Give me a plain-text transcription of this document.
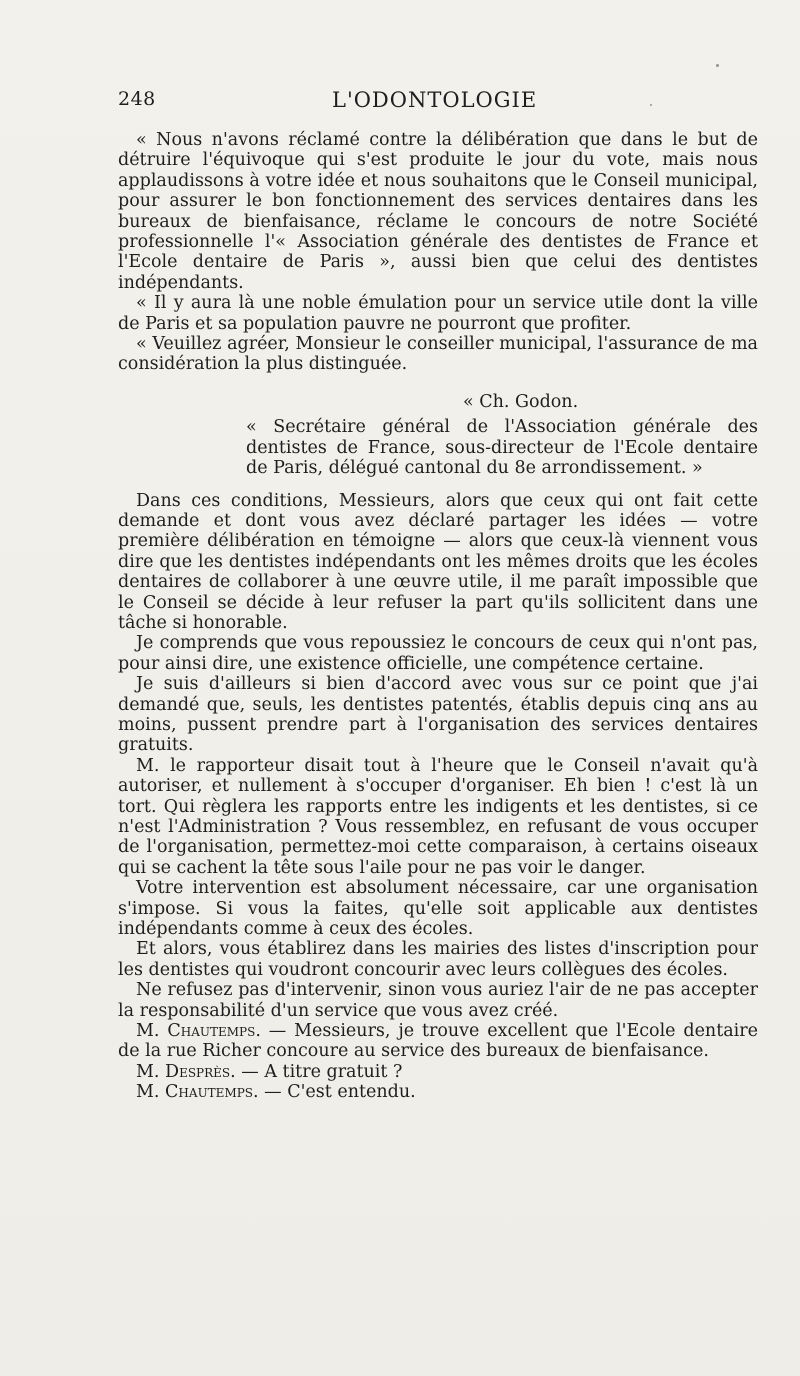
248	L'ODONTOLOGIE

« Nous n'avons réclamé contre la délibération que dans le but de détruire l'équivoque qui s'est produite le jour du vote, mais nous applaudissons à votre idée et nous souhaitons que le Conseil municipal, pour assurer le bon fonctionnement des services dentaires dans les bureaux de bienfaisance, réclame le concours de notre Société professionnelle l'« Association générale des dentistes de France et l'Ecole dentaire de Paris », aussi bien que celui des dentistes indépendants.

« Il y aura là une noble émulation pour un service utile dont la ville de Paris et sa population pauvre ne pourront que profiter.

« Veuillez agréer, Monsieur le conseiller municipal, l'assurance de ma considération la plus distinguée.

« Ch. Godon.

« Secrétaire général de l'Association générale des dentistes de France, sous-directeur de l'Ecole dentaire de Paris, délégué cantonal du 8e arrondissement. »

Dans ces conditions, Messieurs, alors que ceux qui ont fait cette demande et dont vous avez déclaré partager les idées — votre première délibération en témoigne — alors que ceux-là viennent vous dire que les dentistes indépendants ont les mêmes droits que les écoles dentaires de collaborer à une œuvre utile, il me paraît impossible que le Conseil se décide à leur refuser la part qu'ils sollicitent dans une tâche si honorable.

Je comprends que vous repoussiez le concours de ceux qui n'ont pas, pour ainsi dire, une existence officielle, une compétence certaine.

Je suis d'ailleurs si bien d'accord avec vous sur ce point que j'ai demandé que, seuls, les dentistes patentés, établis depuis cinq ans au moins, pussent prendre part à l'organisation des services dentaires gratuits.

M. le rapporteur disait tout à l'heure que le Conseil n'avait qu'à autoriser, et nullement à s'occuper d'organiser. Eh bien ! c'est là un tort. Qui règlera les rapports entre les indigents et les dentistes, si ce n'est l'Administration ? Vous ressemblez, en refusant de vous occuper de l'organisation, permettez-moi cette comparaison, à certains oiseaux qui se cachent la tête sous l'aile pour ne pas voir le danger.

Votre intervention est absolument nécessaire, car une organisation s'impose. Si vous la faites, qu'elle soit applicable aux dentistes indépendants comme à ceux des écoles.

Et alors, vous établirez dans les mairies des listes d'inscription pour les dentistes qui voudront concourir avec leurs collègues des écoles.

Ne refusez pas d'intervenir, sinon vous auriez l'air de ne pas accepter la responsabilité d'un service que vous avez créé.

M. Chautemps. — Messieurs, je trouve excellent que l'Ecole dentaire de la rue Richer concoure au service des bureaux de bienfaisance.

M. Desprès. — A titre gratuit ?

M. Chautemps. — C'est entendu.
